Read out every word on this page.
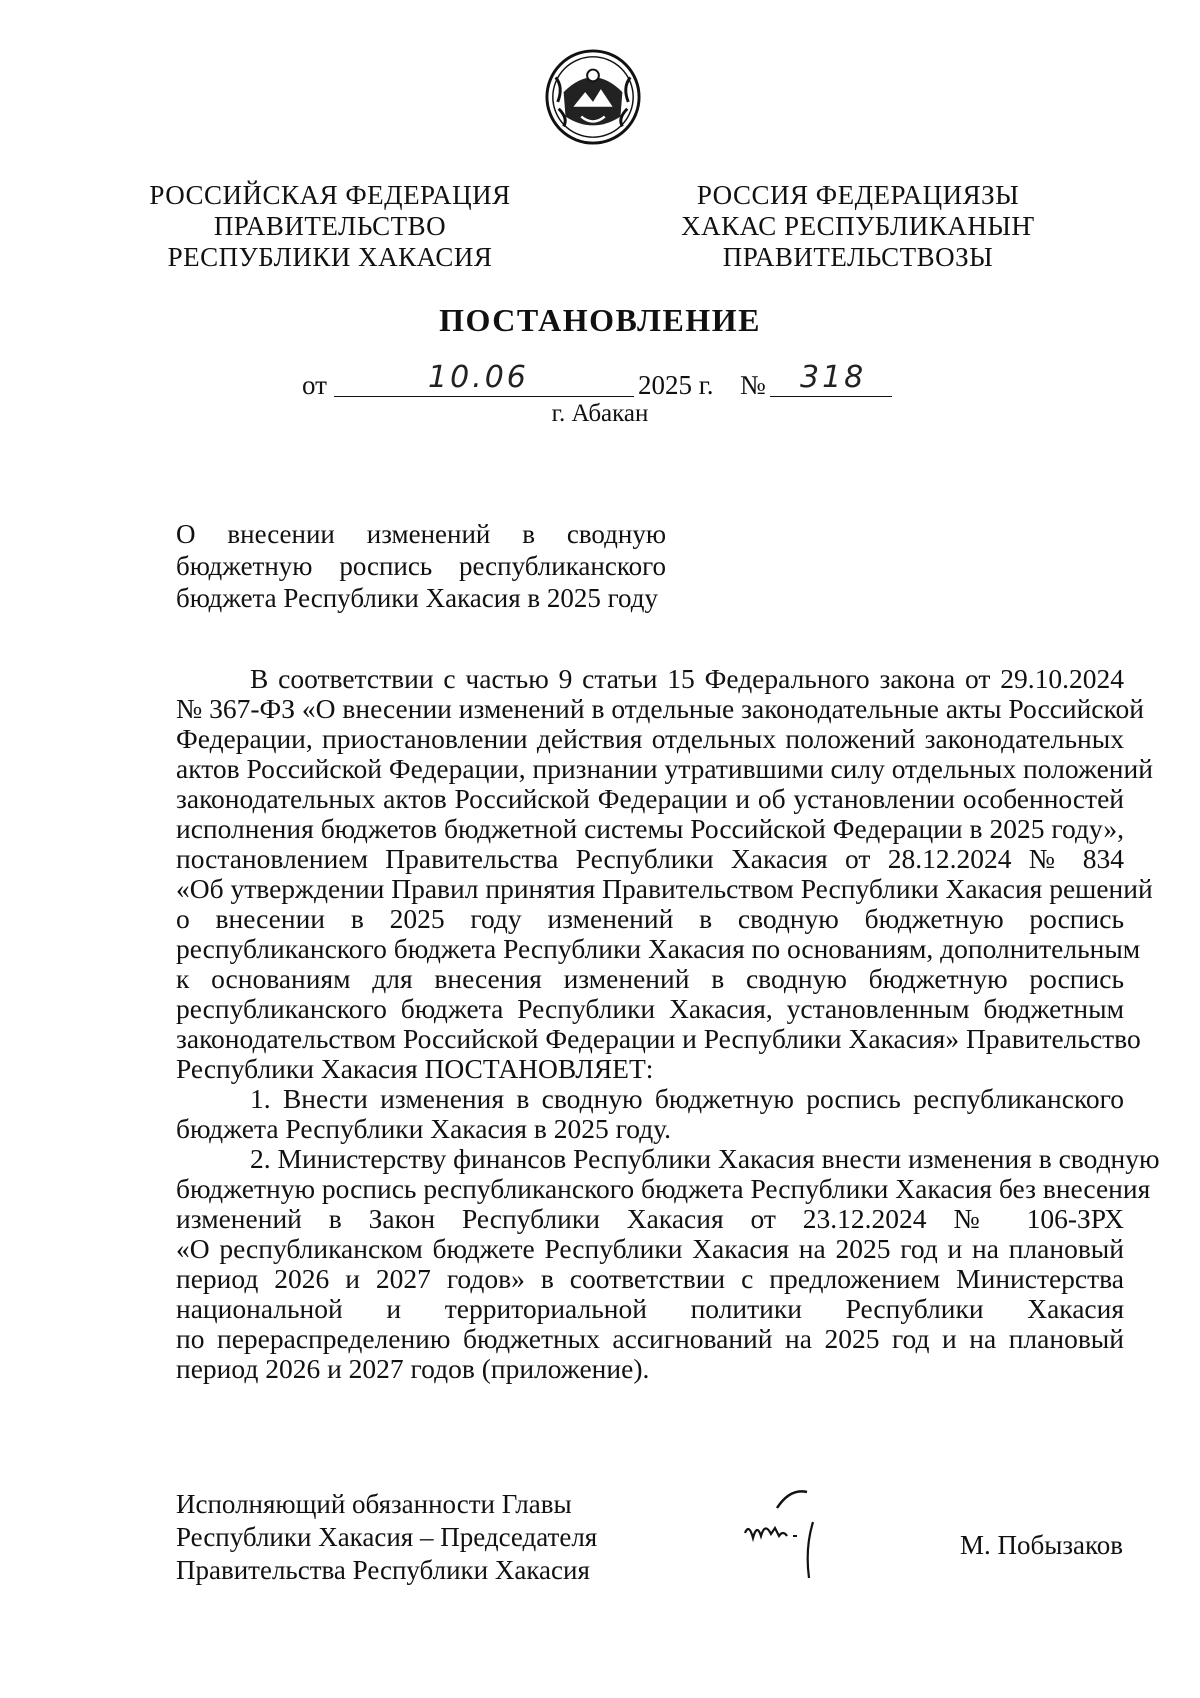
РОССИЙСКАЯ ФЕДЕРАЦИЯ
ПРАВИТЕЛЬСТВО
РЕСПУБЛИКИ ХАКАСИЯ
РОССИЯ ФЕДЕРАЦИЯЗЫ
ХАКАС РЕСПУБЛИКАНЫҤ
ПРАВИТЕЛЬСТВОЗЫ
ПОСТАНОВЛЕНИЕ
от	10.06	2025 г. № 318
г. Абакан
О внесении изменений в сводную
бюджетную роспись республиканского
бюджета Республики Хакасия в 2025 году
В соответствии с частью 9 статьи 15 Федерального закона от 29.10.2024
№ 367-ФЗ «О внесении изменений в отдельные законодательные акты Российской
Федерации, приостановлении действия отдельных положений законодательных
актов Российской Федерации, признании утратившими силу отдельных положений
законодательных актов Российской Федерации и об установлении особенностей
исполнения бюджетов бюджетной системы Российской Федерации в 2025 году»,
постановлением Правительства Республики Хакасия от 28.12.2024 № 834
«Об утверждении Правил принятия Правительством Республики Хакасия решений
о внесении в 2025 году изменений в сводную бюджетную роспись
республиканского бюджета Республики Хакасия по основаниям, дополнительным
к основаниям для внесения изменений в сводную бюджетную роспись
республиканского бюджета Республики Хакасия, установленным бюджетным
законодательством Российской Федерации и Республики Хакасия» Правительство
Республики Хакасия ПОСТАНОВЛЯЕТ:
1. Внести изменения в сводную бюджетную роспись республиканского
бюджета Республики Хакасия в 2025 году.
2. Министерству финансов Республики Хакасия внести изменения в сводную
бюджетную роспись республиканского бюджета Республики Хакасия без внесения
изменений в Закон Республики Хакасия от 23.12.2024 № 106-ЗРХ
«О республиканском бюджете Республики Хакасия на 2025 год и на плановый
период 2026 и 2027 годов» в соответствии с предложением Министерства
национальной и территориальной политики Республики Хакасия
по перераспределению бюджетных ассигнований на 2025 год и на плановый
период 2026 и 2027 годов (приложение).
Исполняющий обязанности Главы
Республики Хакасия – Председателя
Правительства Республики Хакасия
М. Побызаков
